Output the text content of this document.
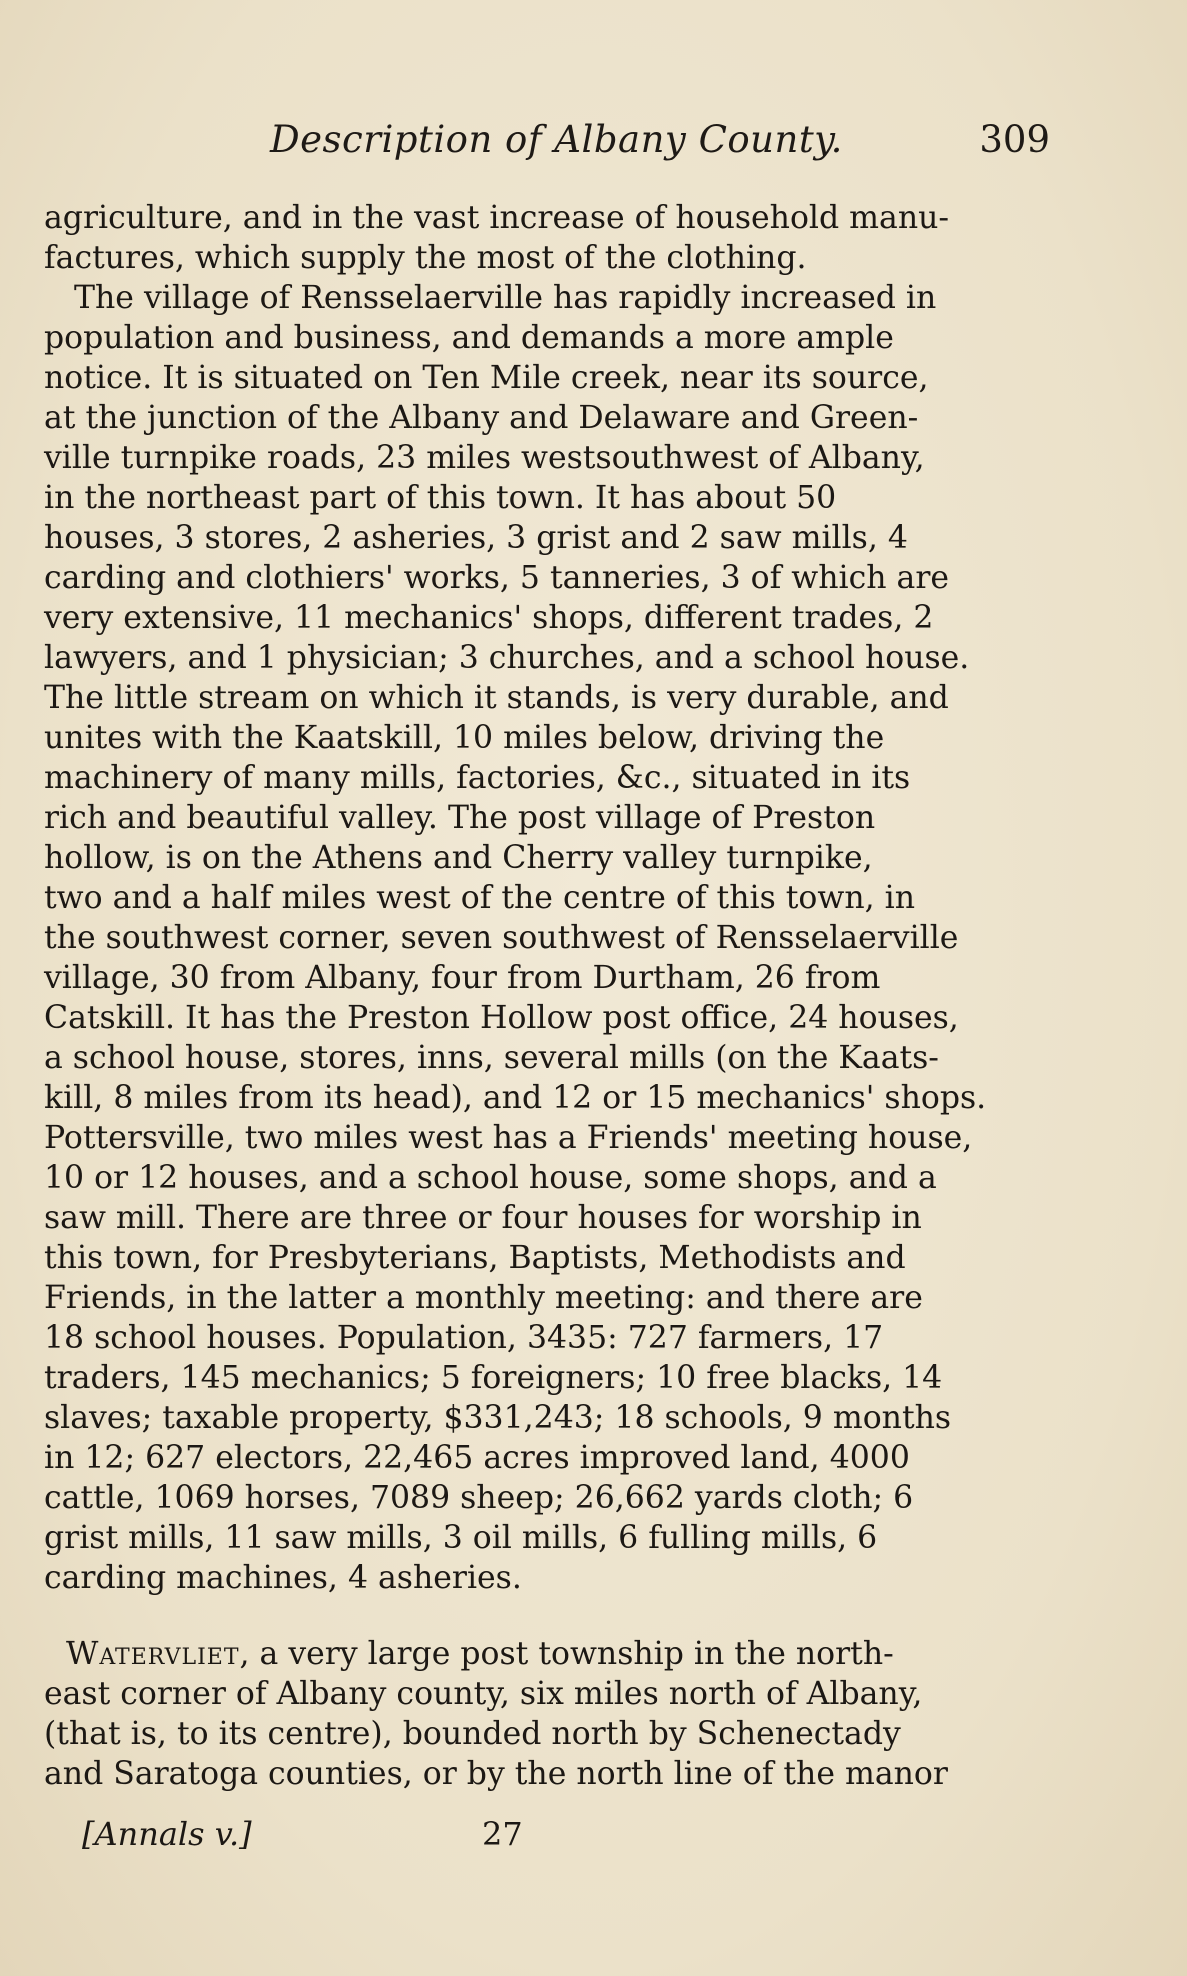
Description of Albany County.	309
agriculture, and in the vast increase of household manu-
factures, which supply the most of the clothing.
The village of Rensselaerville has rapidly increased in
population and business, and demands a more ample
notice. It is situated on Ten Mile creek, near its source,
at the junction of the Albany and Delaware and Green-
ville turnpike roads, 23 miles westsouthwest of Albany,
in the northeast part of this town. It has about 50
houses, 3 stores, 2 asheries, 3 grist and 2 saw mills, 4
carding and clothiers' works, 5 tanneries, 3 of which are
very extensive, 11 mechanics' shops, different trades, 2
lawyers, and 1 physician; 3 churches, and a school house.
The little stream on which it stands, is very durable, and
unites with the Kaatskill, 10 miles below, driving the
machinery of many mills, factories, &c., situated in its
rich and beautiful valley. The post village of Preston
hollow, is on the Athens and Cherry valley turnpike,
two and a half miles west of the centre of this town, in
the southwest corner, seven southwest of Rensselaerville
village, 30 from Albany, four from Durtham, 26 from
Catskill. It has the Preston Hollow post office, 24 houses,
a school house, stores, inns, several mills (on the Kaats-
kill, 8 miles from its head), and 12 or 15 mechanics' shops.
Pottersville, two miles west has a Friends' meeting house,
10 or 12 houses, and a school house, some shops, and a
saw mill. There are three or four houses for worship in
this town, for Presbyterians, Baptists, Methodists and
Friends, in the latter a monthly meeting: and there are
18 school houses. Population, 3435: 727 farmers, 17
traders, 145 mechanics; 5 foreigners; 10 free blacks, 14
slaves; taxable property, $331,243; 18 schools, 9 months
in 12; 627 electors, 22,465 acres improved land, 4000
cattle, 1069 horses, 7089 sheep; 26,662 yards cloth; 6
grist mills, 11 saw mills, 3 oil mills, 6 fulling mills, 6
carding machines, 4 asheries.
Watervliet, a very large post township in the north-
east corner of Albany county, six miles north of Albany,
(that is, to its centre), bounded north by Schenectady
and Saratoga counties, or by the north line of the manor
[Annals v.]	27
